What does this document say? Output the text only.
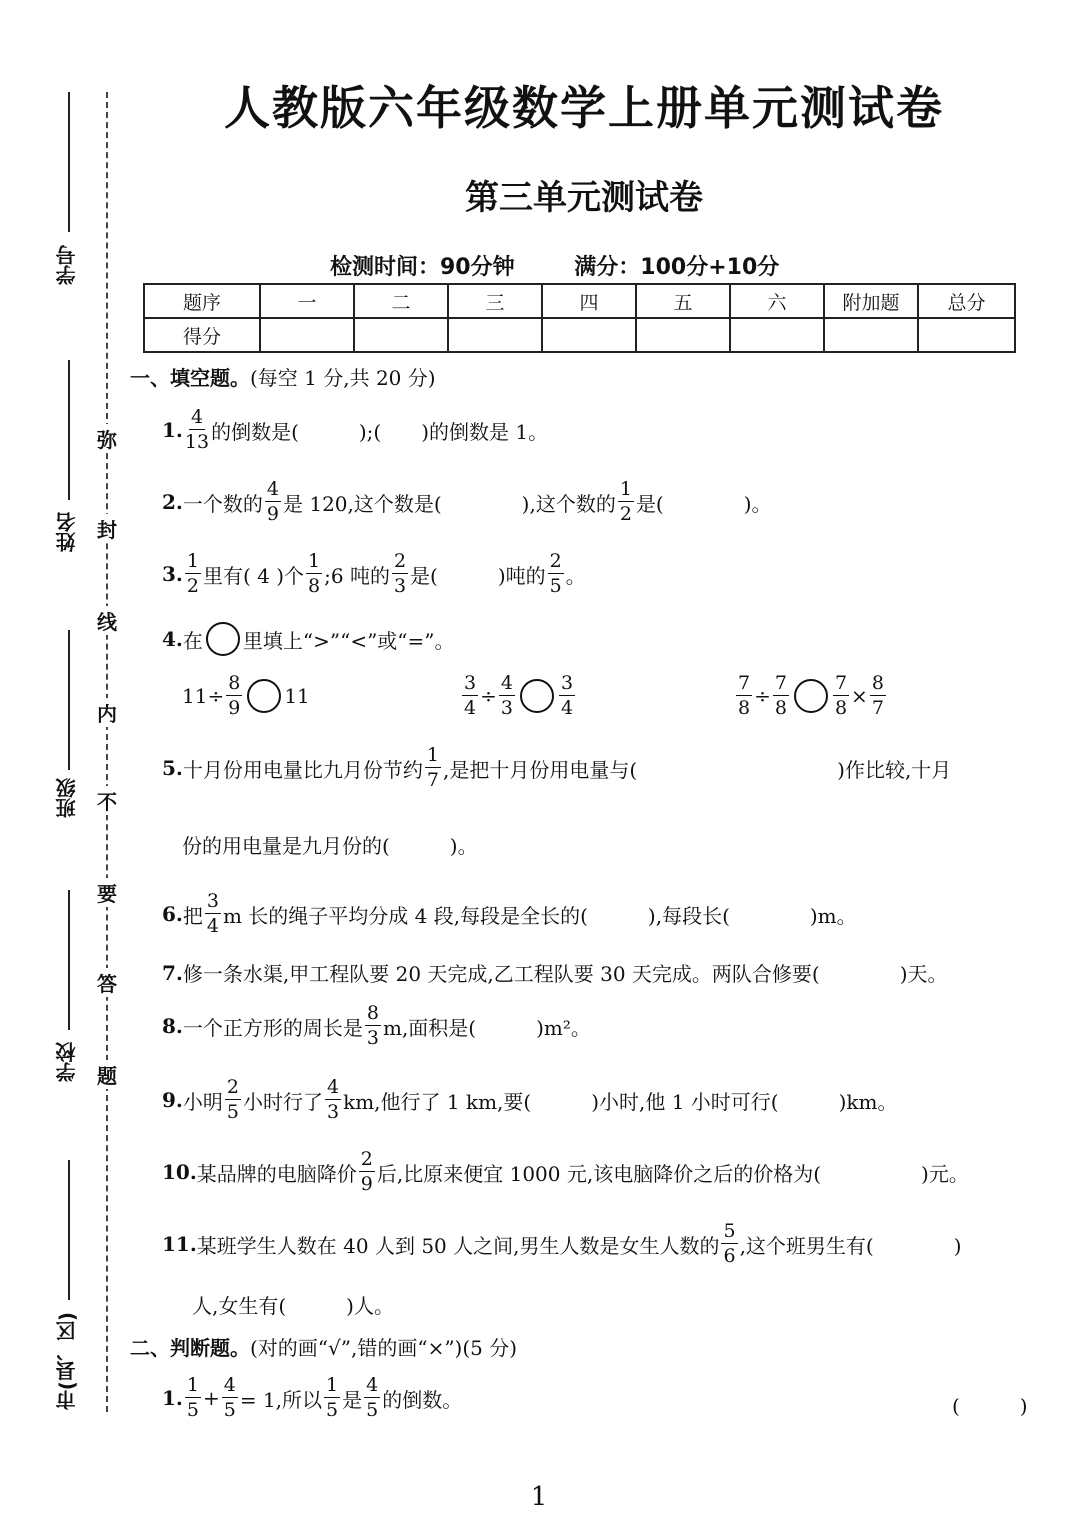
人教版六年级数学上册单元测试卷
第三单元测试卷
检测时间：90分钟	满分：100分+10分
题序	一	二	三	四	五	六	附加题	总分
得分								
学号
姓名
班级
学校
市(县、区)
弥
封
线
内
不
要
答
题
一、填空题。(每空 1 分,共 20 分)
1. $\frac{4}{13}$ 的倒数是(　　　);(　　)的倒数是 1。
2. 一个数的 $\frac{4}{9}$ 是 120,这个数是(　　　　),这个数的 $\frac{1}{2}$ 是(　　　　)。
3. $\frac{1}{2}$ 里有( 4 )个 $\frac{1}{8}$ ;6 吨的 $\frac{2}{3}$ 是(　　　)吨的 $\frac{2}{5}$ 。
4. 在 里填上“>”“<”或“=”。
$11\div \frac{8}{9} 11$	$\frac{3}{4} \div \frac{4}{3} \frac{3}{4}$	$\frac{7}{8} \div \frac{7}{8} \frac{7}{8} \times \frac{8}{7}$
5. 十月份用电量比九月份节约 $\frac{1}{7}$ ,是把十月份用电量与(　　　　　　　　　　)作比较,十月
份的用电量是九月份的(　　　)。
6. 把 $\frac{3}{4}$ m 长的绳子平均分成 4 段,每段是全长的(　　　),每段长(　　　　)m。
7. 修一条水渠,甲工程队要 20 天完成,乙工程队要 30 天完成。两队合修要(　　　　)天。
8. 一个正方形的周长是 $\frac{8}{3} m$,面积是(　　　)m²。
9. 小明 $\frac{2}{5}$ 小时行了 $\frac{4}{3}$ km,他行了 1 km,要(　　　)小时,他 1 小时可行(　　　)km。
10. 某品牌的电脑降价 $\frac{2}{9}$ 后,比原来便宜 1000 元,该电脑降价之后的价格为(　　　　　)元。
11. 某班学生人数在 40 人到 50 人之间,男生人数是女生人数的 $\frac{5}{6}$ ,这个班男生有(　　　　)
人,女生有(　　　)人。
二、判断题。(对的画“√”,错的画“×”)(5 分)
1. $\frac{1}{5} + \frac{4}{5} = 1$,所以 $\frac{1}{5}$ 是 $\frac{4}{5}$ 的倒数。	(　　　)
1
